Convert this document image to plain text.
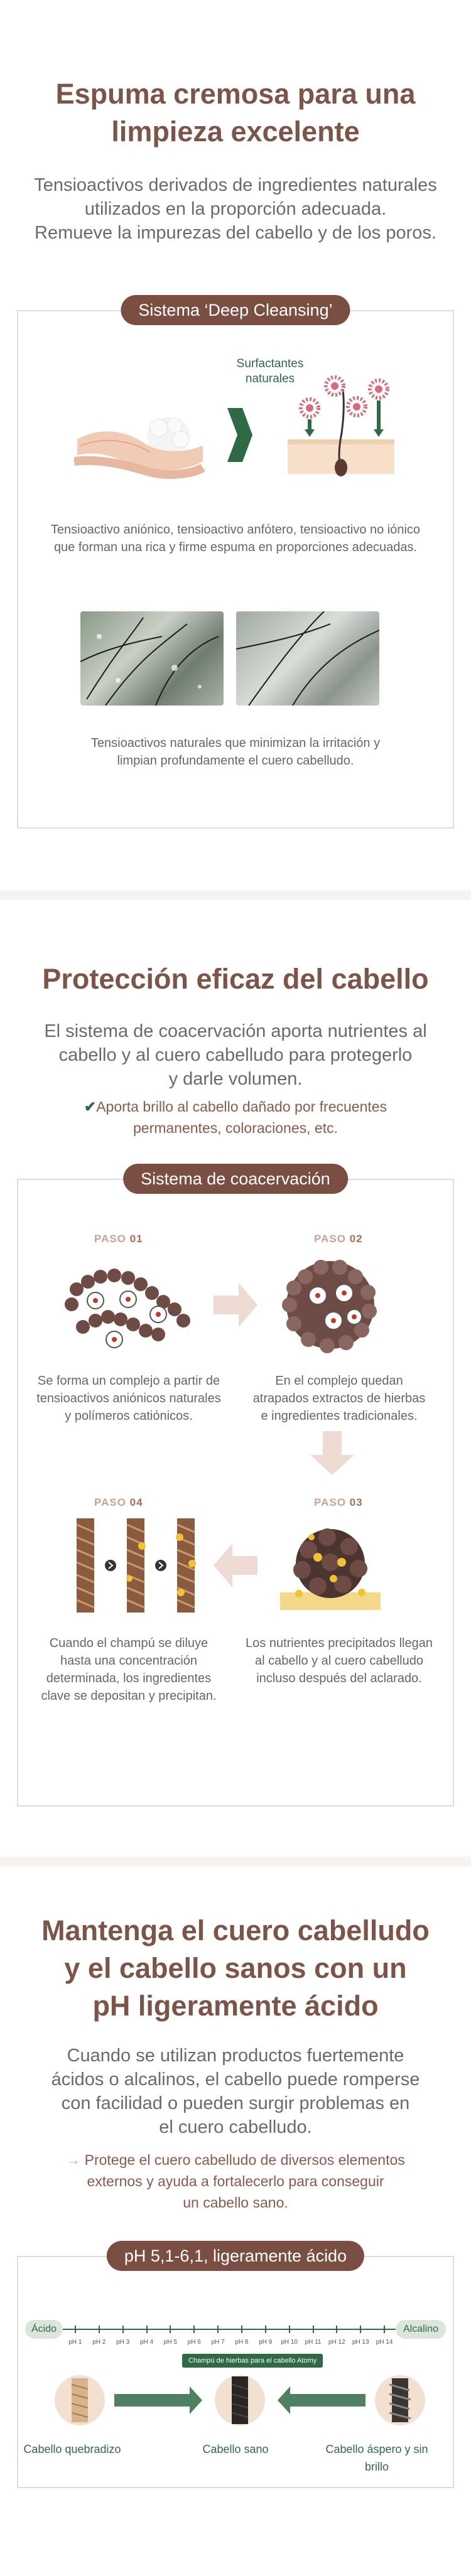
Espuma cremosa para una

limpieza excelente

Tensioactivos derivados de ingredientes naturales

utilizados en la proporción adecuada.

Remueve la impurezas del cabello y de los poros.

Sistema ‘Deep Cleansing’
Surfactantes
naturales
Tensioactivo aniónico, tensioactivo anfótero, tensioactivo no iónico
que forman una rica y firme espuma en proporciones adecuadas.
Tensioactivos naturales que minimizan la irritación y
limpian profundamente el cuero cabelludo.

Protección eficaz del cabello

El sistema de coacervación aporta nutrientes al

cabello y al cuero cabelludo para protegerlo

y darle volumen.

✔Aporta brillo al cabello dañado por frecuentes
permanentes, coloraciones, etc.
Sistema de coacervación
PASO 01
Se forma un complejo a partir de
tensioactivos aniónicos naturales
y polímeros catiónicos.
PASO 02
En el complejo quedan
atrapados extractos de hierbas
e ingredientes tradicionales.
PASO 04
Cuando el champú se diluye
hasta una concentración
determinada, los ingredientes
clave se depositan y precipitan.
PASO 03
Los nutrientes precipitados llegan
al cabello y al cuero cabelludo
incluso después del aclarado.

Mantenga el cuero cabelludo

y el cabello sanos con un

pH ligeramente ácido

Cuando se utilizan productos fuertemente

ácidos o alcalinos, el cabello puede romperse

con facilidad o pueden surgir problemas en

el cuero cabelludo.

→ Protege el cuero cabelludo de diversos elementos
externos y ayuda a fortalecerlo para conseguir
un cabello sano.
pH 5,1-6,1, ligeramente ácido
Ácido	Alcalino
pH 1	pH 2	pH 3	pH 4	pH 5	pH 6	pH 7	pH 8	pH 9	pH 10	pH 11	pH 12	pH 13	pH 14
Champú de hierbas para el cabello Atomy
Cabello quebradizo	Cabello sano	Cabello áspero y sin brillo
